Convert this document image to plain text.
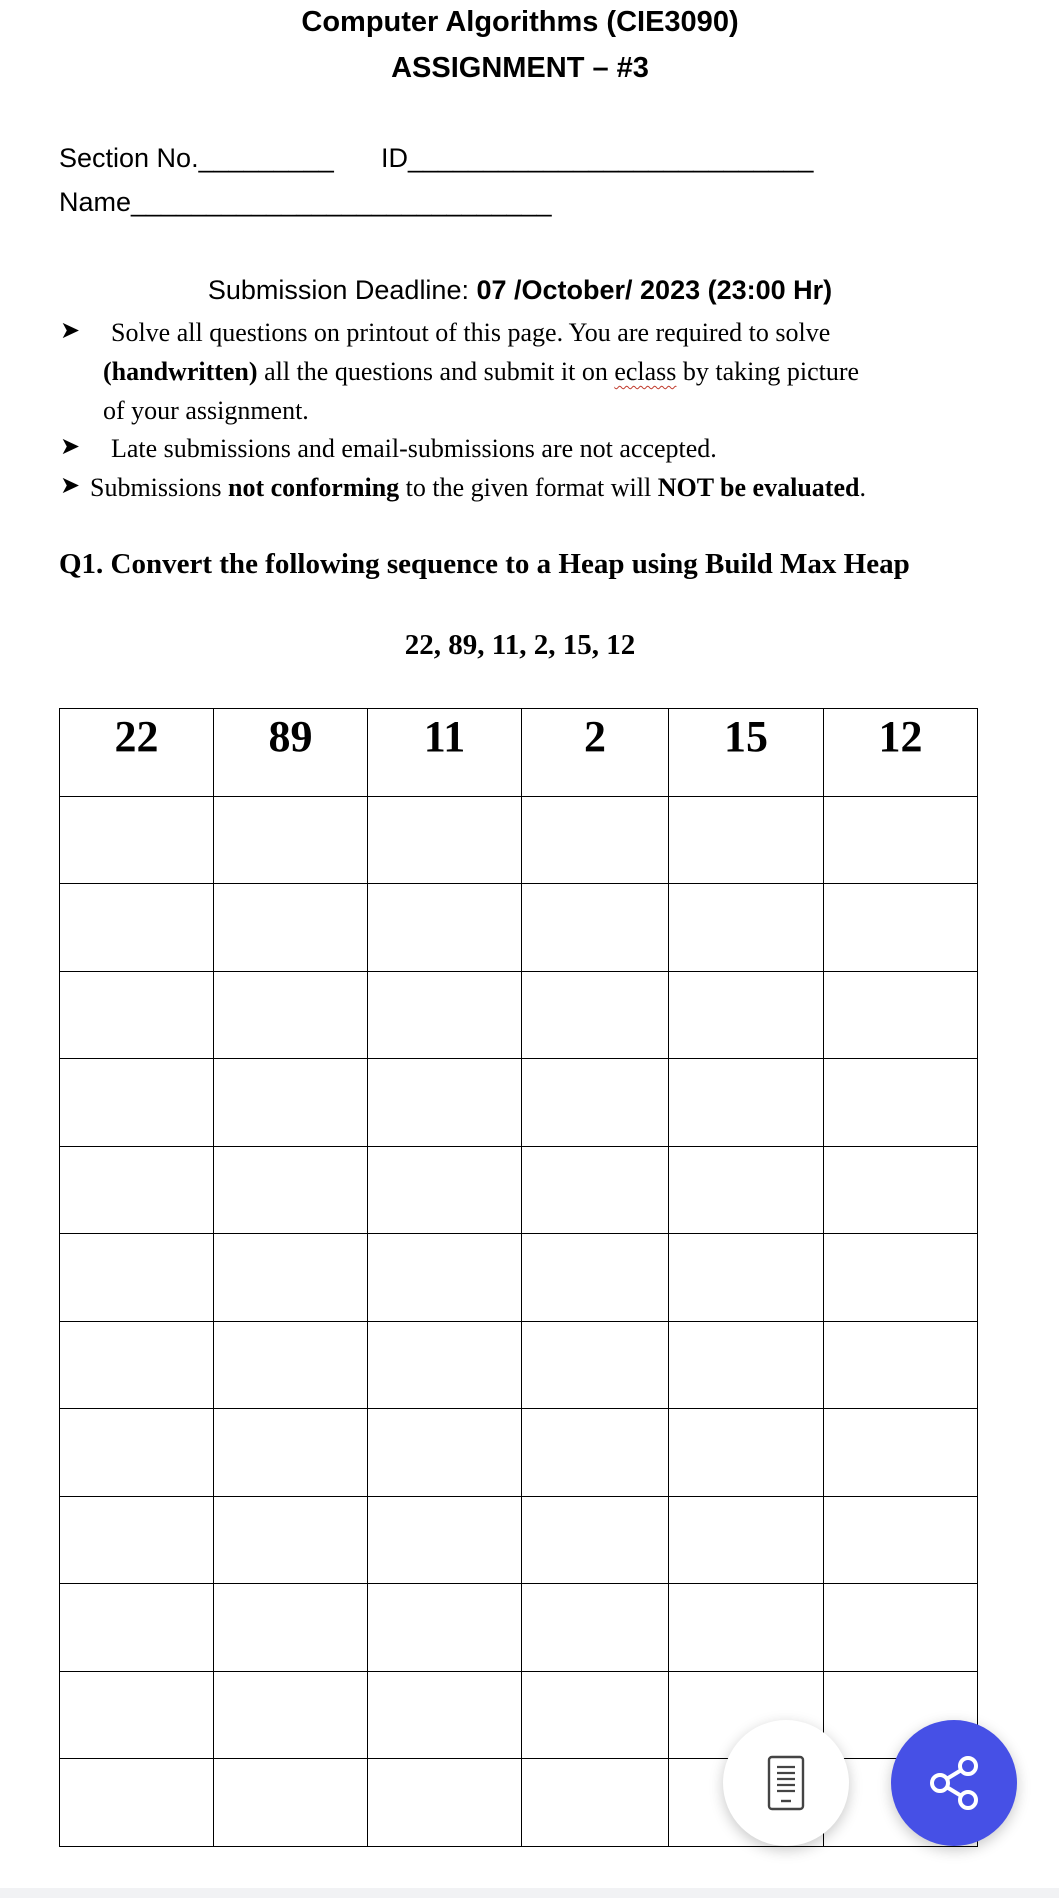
Computer Algorithms (CIE3090)
ASSIGNMENT – #3
Section No._________ ID___________________________
Name____________________________
Submission Deadline: 07 /October/ 2023 (23:00 Hr)
➤ Solve all questions on printout of this page. You are required to solve
(handwritten) all the questions and submit it on eclass by taking picture
of your assignment.
➤ Late submissions and email-submissions are not accepted.
➤ Submissions not conforming to the given format will NOT be evaluated.
Q1. Convert the following sequence to a Heap using Build Max Heap
22, 89, 11, 2, 15, 12
22	89	11	2	15	12
